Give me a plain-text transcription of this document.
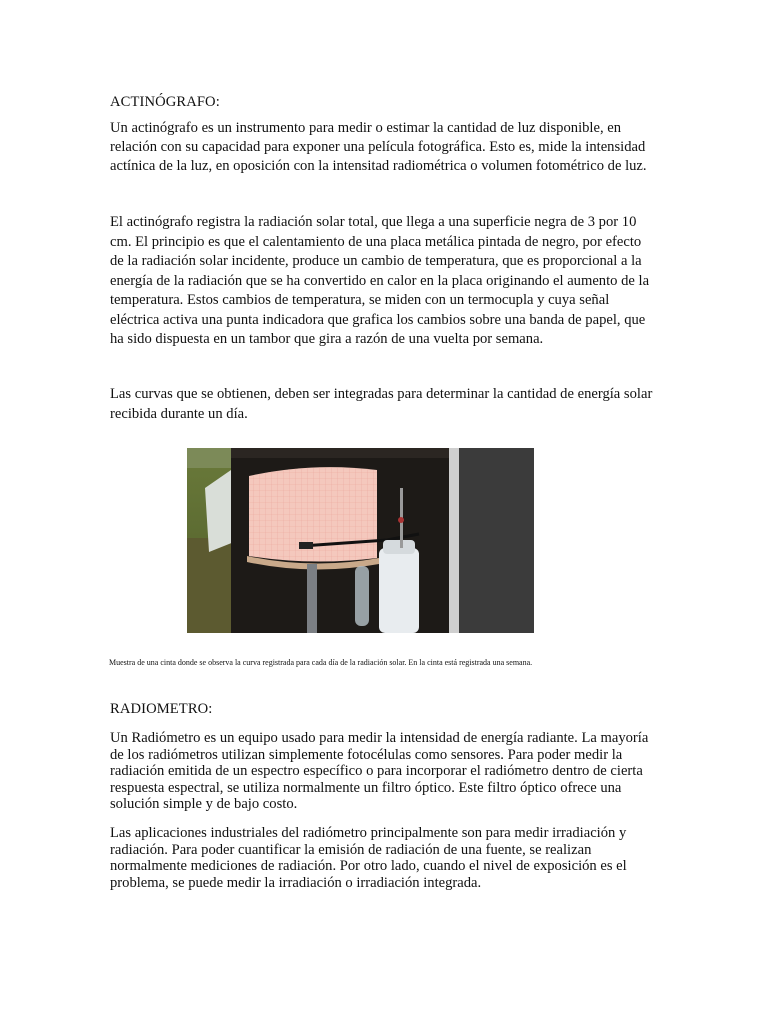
ACTINÓGRAFO:

Un actinógrafo es un instrumento para medir o estimar la cantidad de luz disponible, en relación con su capacidad para exponer una película fotográfica. Esto es, mide la intensidad actínica de la luz, en oposición con la intensitad radiométrica o volumen fotométrico de luz.

El actinógrafo registra la radiación solar total, que llega a una superficie negra de 3 por 10 cm. El principio es que el calentamiento de una placa metálica pintada de negro, por efecto de la radiación solar incidente, produce un cambio de temperatura, que es proporcional a la energía de la radiación que se ha convertido en calor en la placa originando el aumento de la temperatura. Estos cambios de temperatura, se miden con un termocupla y cuya señal eléctrica activa una punta indicadora que grafica los cambios sobre una banda de papel, que ha sido dispuesta en un tambor que gira a razón de una vuelta por semana.

Las curvas que se obtienen, deben ser integradas para determinar la cantidad de energía solar recibida durante un día.

Muestra de una cinta donde se observa la curva registrada para cada día de la radiación solar. En la cinta está registrada una semana.
RADIOMETRO:

Un Radiómetro es un equipo usado para medir la intensidad de energía radiante. La mayoría de los radiómetros utilizan simplemente fotocélulas como sensores. Para poder medir la radiación emitida de un espectro específico o para incorporar el radiómetro dentro de cierta respuesta espectral, se utiliza normalmente un filtro óptico. Este filtro óptico ofrece una solución simple y de bajo costo.

Las aplicaciones industriales del radiómetro principalmente son para medir irradiación y radiación. Para poder cuantificar la emisión de radiación de una fuente, se realizan normalmente mediciones de radiación. Por otro lado, cuando el nivel de exposición es el problema, se puede medir la irradiación o irradiación integrada.
